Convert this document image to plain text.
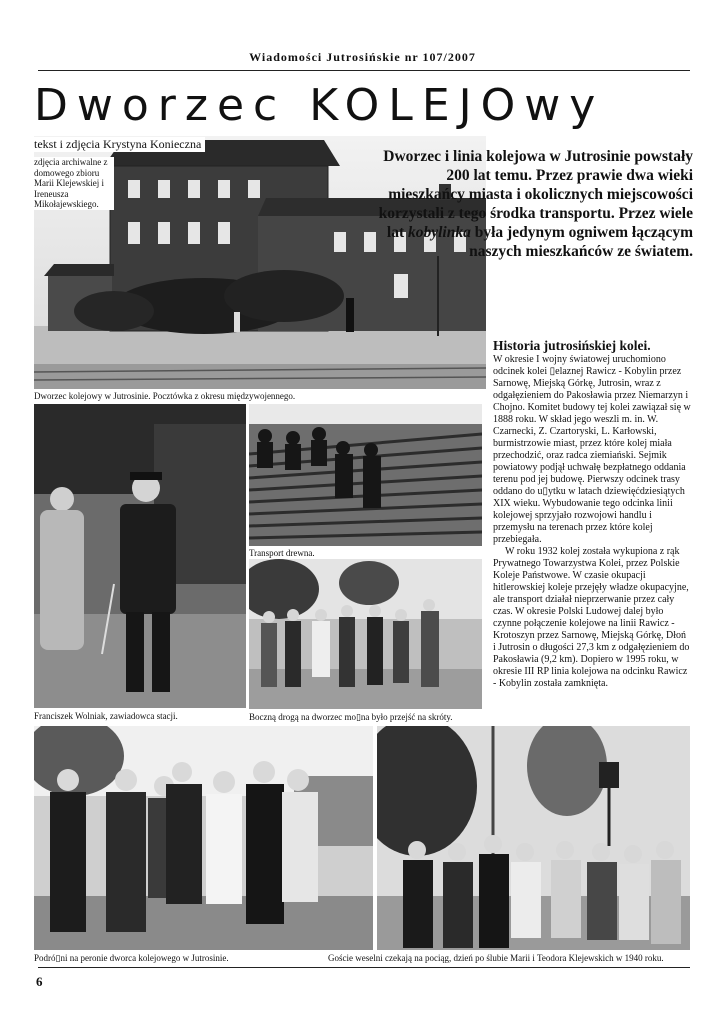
Wiadomości Jutrosińskie nr 107/2007
Dworzec kolejowy w Jutrosinie. Pocztówka z okresu międzywojennego.
Dworzec KOLEJOwy
tekst i zdjęcia Krystyna Konieczna
zdjęcia archiwalne z domowego zbioru Marii Klejewskiej i Ireneusza Mikołajewskiego.
Dworzec i linia kolejowa w Jutrosinie powstały    200 lat temu. Przez prawie dwa wieki mieszkańcy miasta i okolicznych miejscowości korzystali z tego środka transportu. Przez wiele lat kobylinka była jedynym ogniwem łączącym naszych mieszkańców ze światem.
Historia jutrosińskiej kolei.

W okresie I wojny światowej uruchomiono odcinek kolei ▯elaznej Rawicz - Kobylin przez Sarnowę, Miejską Górkę, Jutrosin, wraz z odgałęzieniem do Pakosławia przez Niemarzyn i Chojno. Komitet budowy tej kolei zawiązał się w 1888 roku. W skład jego weszli m. in. W. Czarnecki, Z. Czartoryski, L. Karłowski, burmistrzowie miast, przez które kolej miała przechodzić, oraz radca ziemiański. Sejmik powiatowy podjął uchwałę bezpłatnego oddania terenu pod jej budowę. Pierwszy odcinek trasy oddano do u▯ytku w latach dziewięćdziesiątych XIX wieku. Wybudowanie tego odcinka linii kolejowej sprzyjało rozwojowi handlu i przemysłu na terenach przez które kolej przebiegała.

W roku 1932 kolej została wykupiona z rąk Prywatnego Towarzystwa Kolei, przez Polskie Koleje Państwowe. W czasie okupacji hitlerowskiej koleje przejęły władze okupacyjne, ale transport działał nieprzerwanie przez cały czas. W okresie Polski Ludowej dalej było czynne połączenie kolejowe na linii Rawicz - Krotoszyn przez Sarnowę, Miejską Górkę, Dłoń i Jutrosin o długości 27,3 km z odgałęzieniem do Pakosławia (9,2 km). Dopiero w 1995 roku, w okresie III RP linia kolejowa na odcinku Rawicz - Kobylin została zamknięta.

Franciszek Wolniak, zawiadowca stacji.
Transport drewna.
Boczną drogą na dworzec mo▯na było przejść na skróty.
Podró▯ni na peronie dworca kolejowego w Jutrosinie.	Goście weselni czekają na pociąg, dzień po ślubie Marii i Teodora Klejewskich w 1940 roku.
6
